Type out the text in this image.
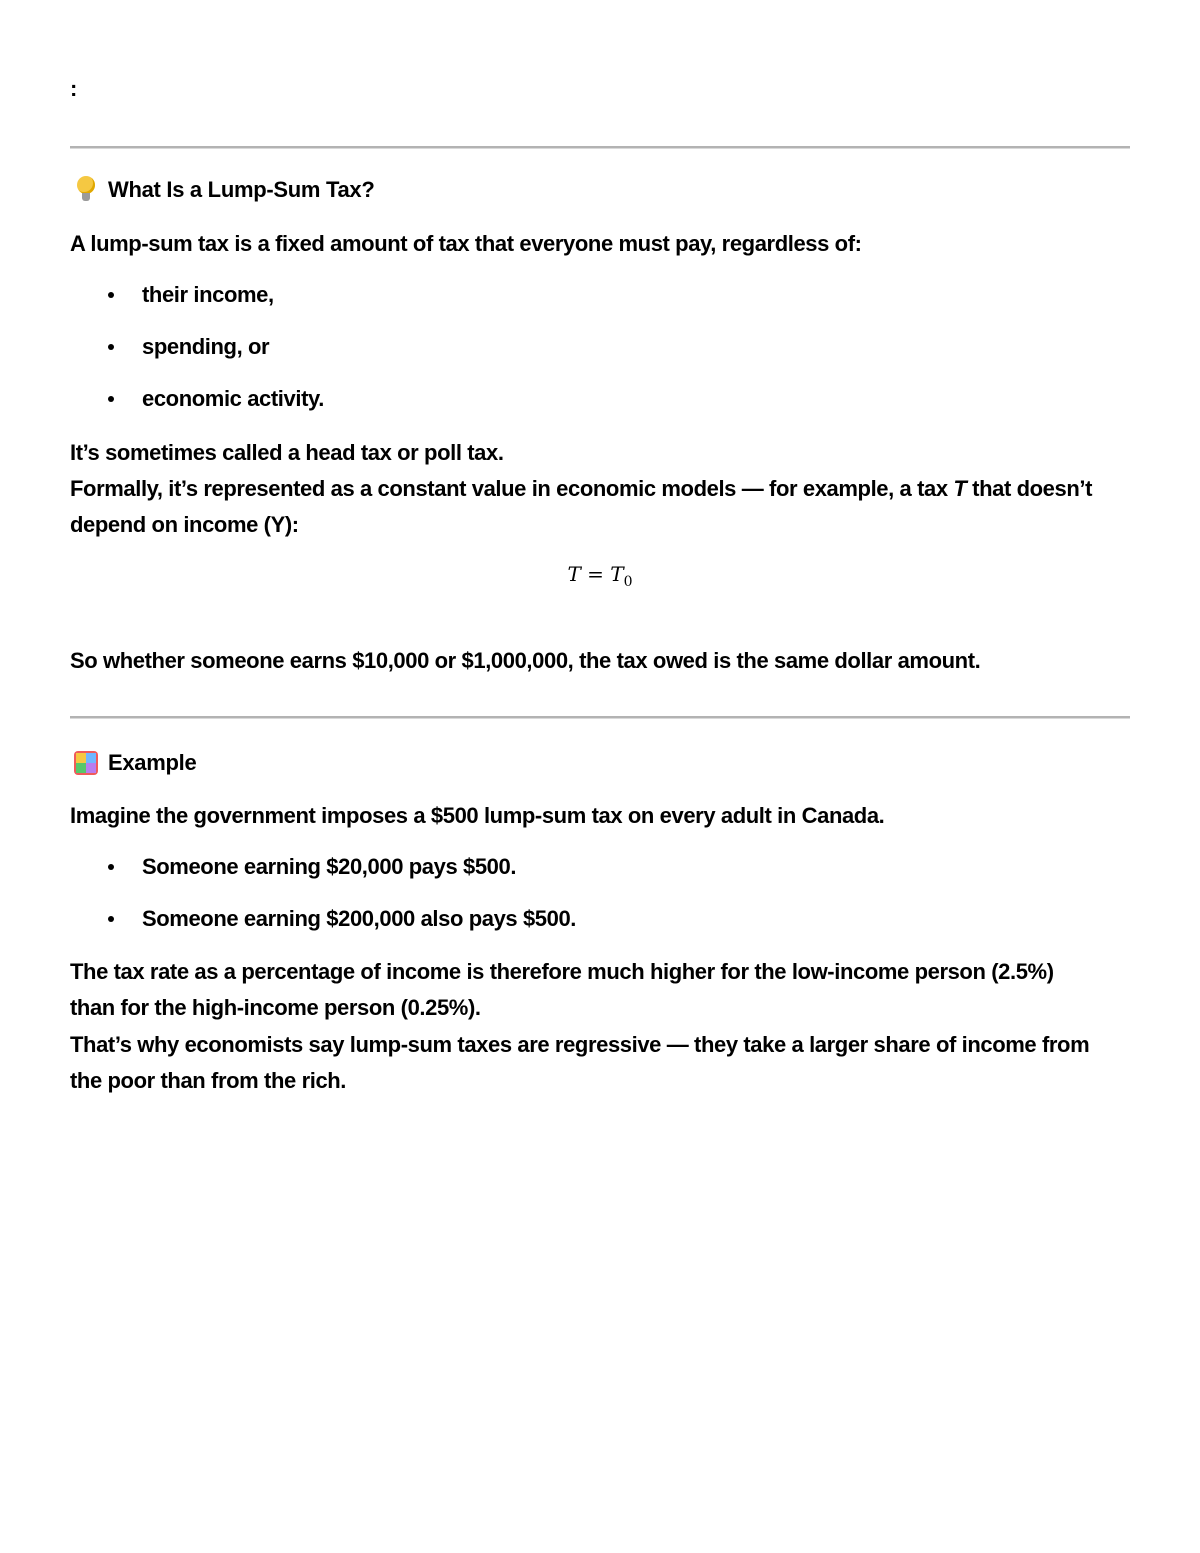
:
What Is a Lump-Sum Tax?
A lump-sum tax is a fixed amount of tax that everyone must pay, regardless of:
their income,
spending, or
economic activity.
It’s sometimes called a head tax or poll tax.
Formally, it’s represented as a constant value in economic models — for example, a tax T that doesn’t
depend on income (Y):
$T = T_0$
So whether someone earns $10,000 or $1,000,000, the tax owed is the same dollar amount.
Example
Imagine the government imposes a $500 lump-sum tax on every adult in Canada.
Someone earning $20,000 pays $500.
Someone earning $200,000 also pays $500.
The tax rate as a percentage of income is therefore much higher for the low-income person (2.5%)
than for the high-income person (0.25%).
That’s why economists say lump-sum taxes are regressive — they take a larger share of income from
the poor than from the rich.
